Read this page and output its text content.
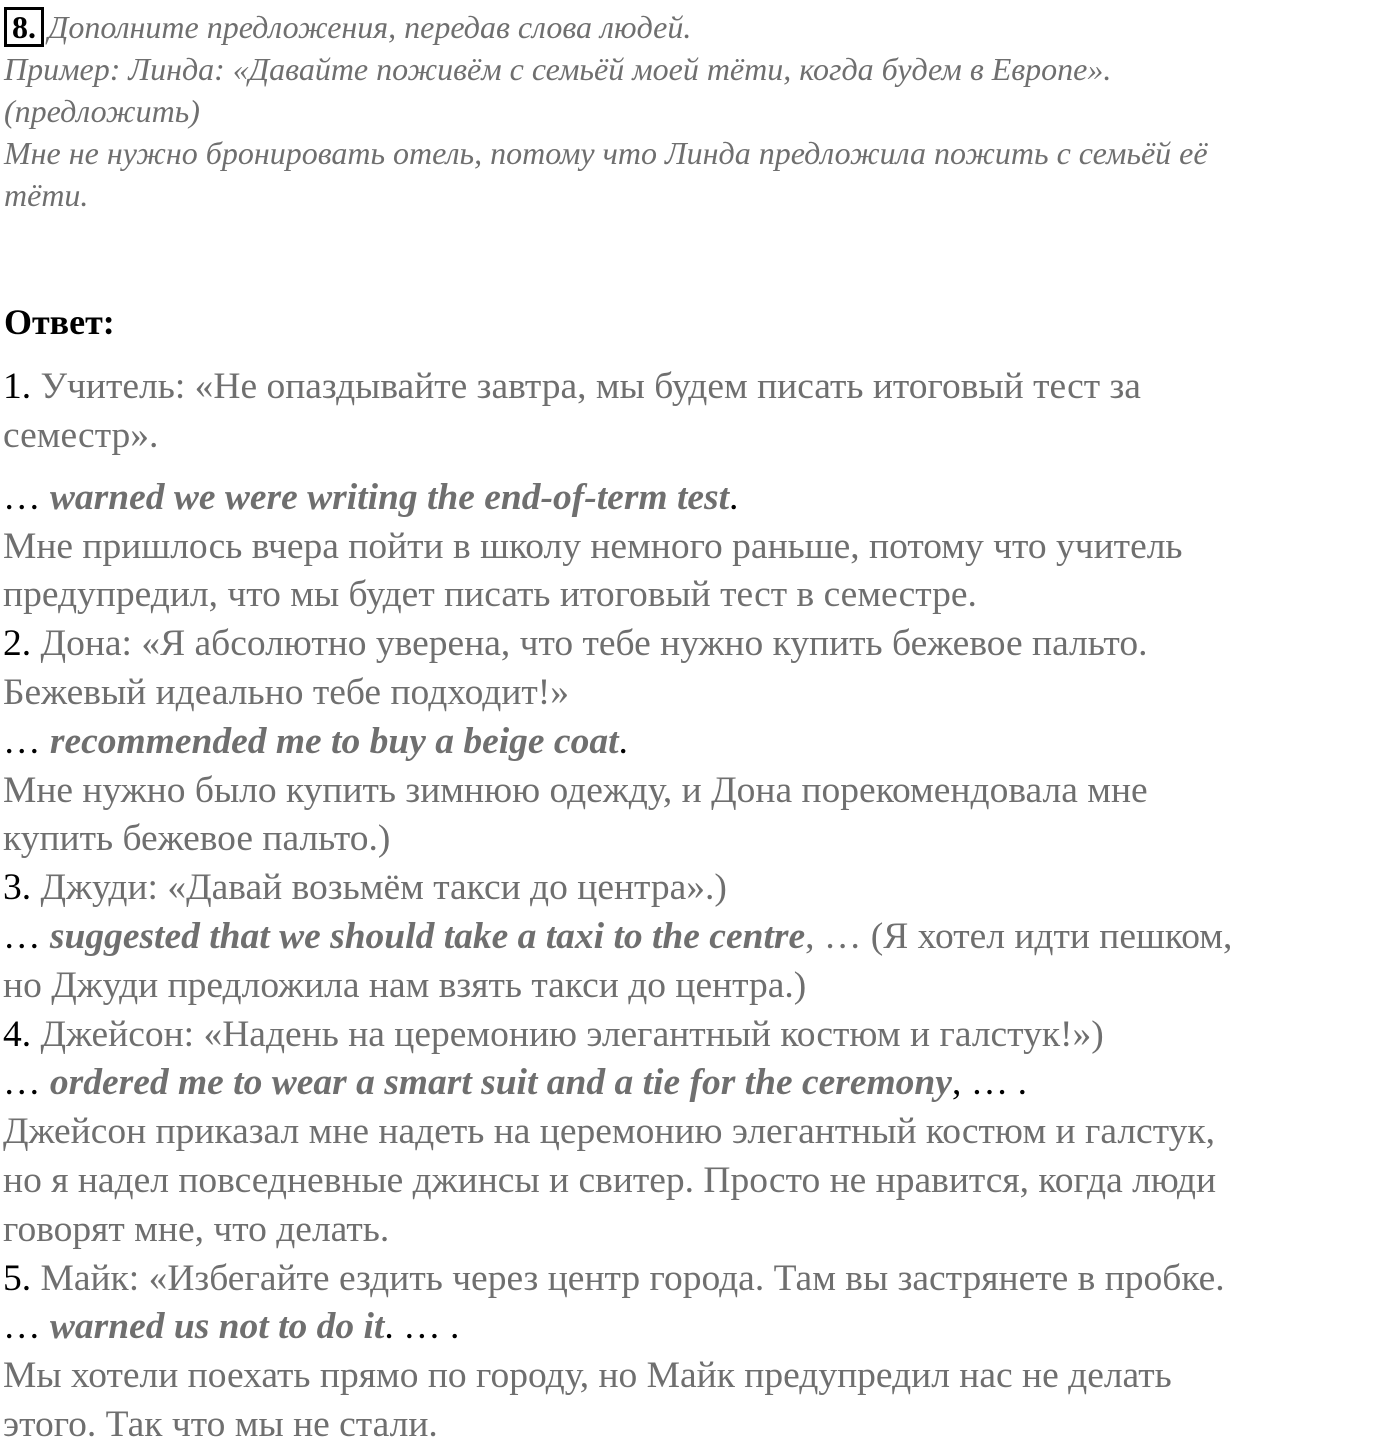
8. Дополните предложения, передав слова людей.
Пример: Линда: «Давайте поживём с семьёй моей тёти, когда будем в Европе».
(предложить)
Мне не нужно бронировать отель, потому что Линда предложила пожить с семьёй её
тёти.
Ответ:
1. Учитель: «Не опаздывайте завтра, мы будем писать итоговый тест за
семестр».
… warned we were writing the end-of-term test.
Мне пришлось вчера пойти в школу немного раньше, потому что учитель
предупредил, что мы будет писать итоговый тест в семестре.
2. Дона: «Я абсолютно уверена, что тебе нужно купить бежевое пальто.
Бежевый идеально тебе подходит!»
… recommended me to buy a beige coat.
Мне нужно было купить зимнюю одежду, и Дона порекомендовала мне
купить бежевое пальто.)
3. Джуди: «Давай возьмём такси до центра».)
… suggested that we should take a taxi to the centre, … (Я хотел идти пешком,
но Джуди предложила нам взять такси до центра.)
4. Джейсон: «Надень на церемонию элегантный костюм и галстук!»)
… ordered me to wear a smart suit and a tie for the ceremony, … .
Джейсон приказал мне надеть на церемонию элегантный костюм и галстук,
но я надел повседневные джинсы и свитер. Просто не нравится, когда люди
говорят мне, что делать.
5. Майк: «Избегайте ездить через центр города. Там вы застрянете в пробке.
… warned us not to do it. … .
Мы хотели поехать прямо по городу, но Майк предупредил нас не делать
этого. Так что мы не стали.
